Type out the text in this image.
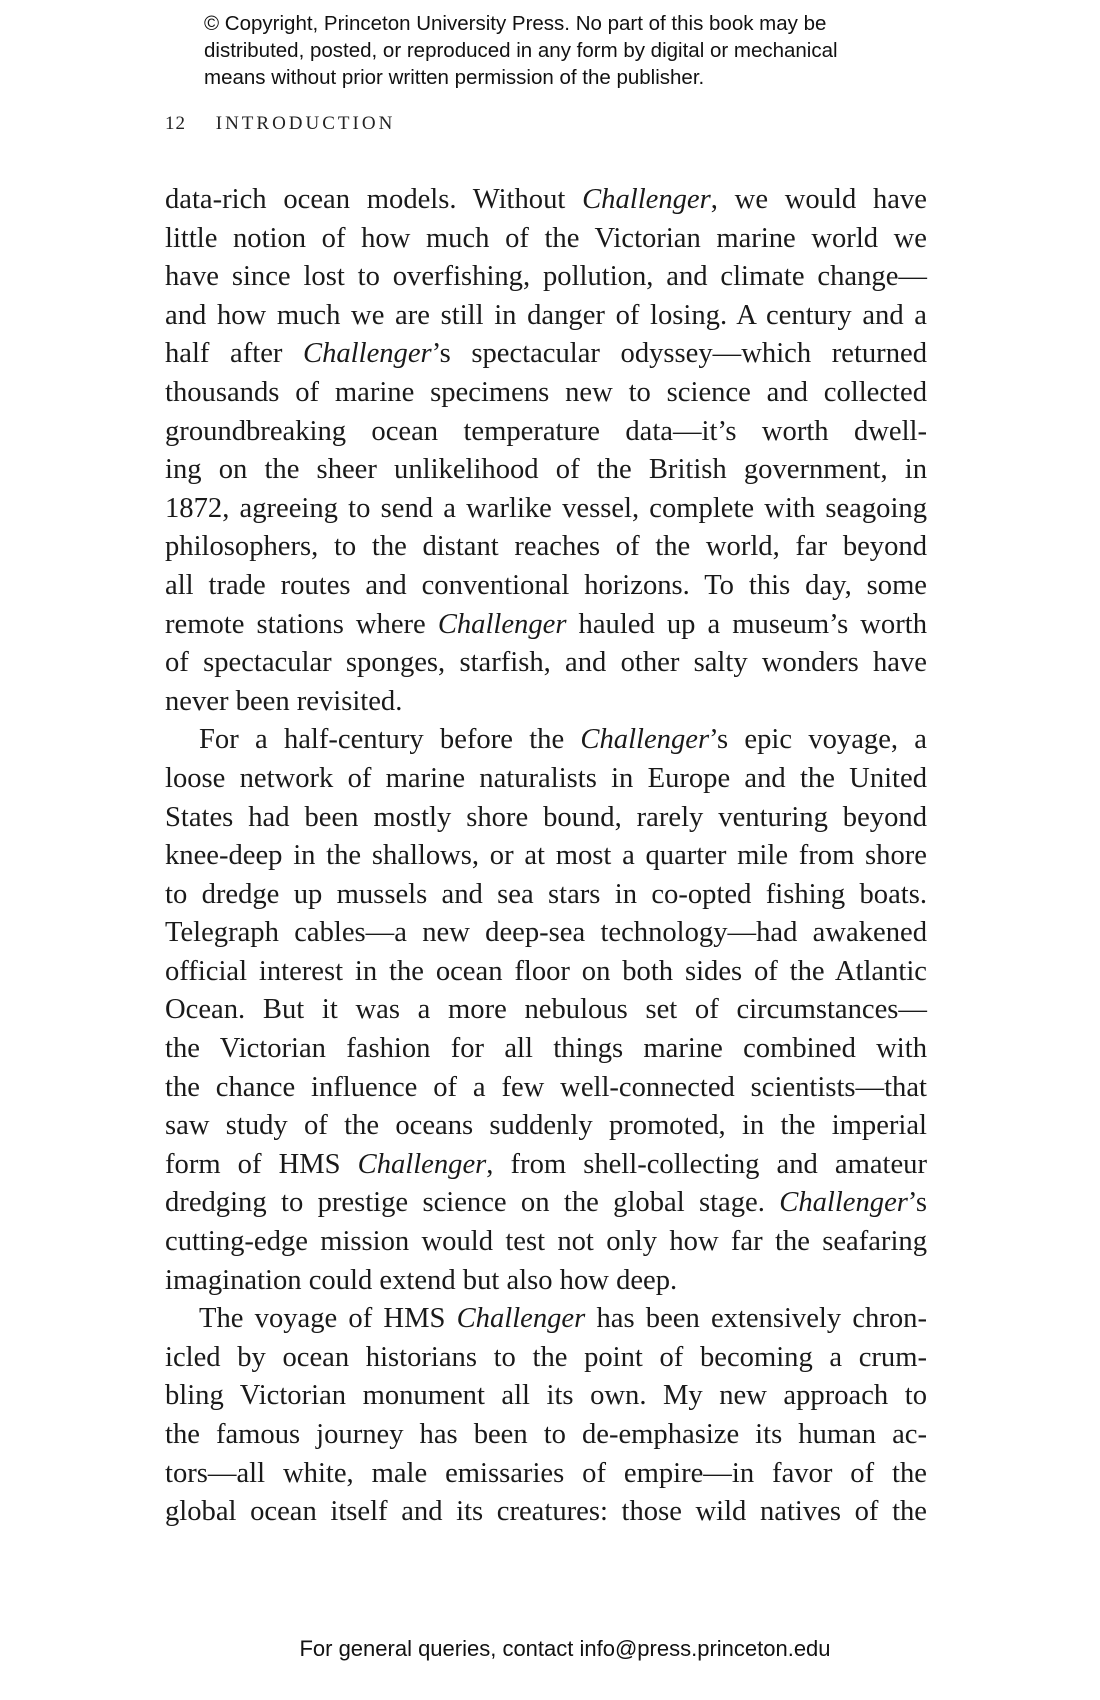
© Copyright, Princeton University Press. No part of this book may be
distributed, posted, or reproduced in any form by digital or mechanical
means without prior written permission of the publisher.
12 INTRODUCTION
data-rich ocean models. Without Challenger, we would have
little notion of how much of the Victorian marine world we
have since lost to overfishing, pollution, and climate change—
and how much we are still in danger of losing. A century and a
half after Challenger’s spectacular odyssey—which returned
thousands of marine specimens new to science and collected
groundbreaking ocean temperature data—it’s worth dwell-
ing on the sheer unlikelihood of the British government, in
1872, agreeing to send a warlike vessel, complete with seagoing
philosophers, to the distant reaches of the world, far beyond
all trade routes and conventional horizons. To this day, some
remote stations where Challenger hauled up a museum’s worth
of spectacular sponges, starfish, and other salty wonders have
never been revisited.
For a half-century before the Challenger’s epic voyage, a
loose network of marine naturalists in Europe and the United
States had been mostly shore bound, rarely venturing beyond
knee-deep in the shallows, or at most a quarter mile from shore
to dredge up mussels and sea stars in co-opted fishing boats.
Telegraph cables—a new deep-sea technology—had awakened
official interest in the ocean floor on both sides of the Atlantic
Ocean. But it was a more nebulous set of circumstances—
the Victorian fashion for all things marine combined with
the chance influence of a few well-connected scientists—that
saw study of the oceans suddenly promoted, in the imperial
form of HMS Challenger, from shell-collecting and amateur
dredging to prestige science on the global stage. Challenger’s
cutting-edge mission would test not only how far the seafaring
imagination could extend but also how deep.
The voyage of HMS Challenger has been extensively chron-
icled by ocean historians to the point of becoming a crum-
bling Victorian monument all its own. My new approach to
the famous journey has been to de-emphasize its human ac-
tors—all white, male emissaries of empire—in favor of the
global ocean itself and its creatures: those wild natives of the
For general queries, contact info@press.princeton.edu
